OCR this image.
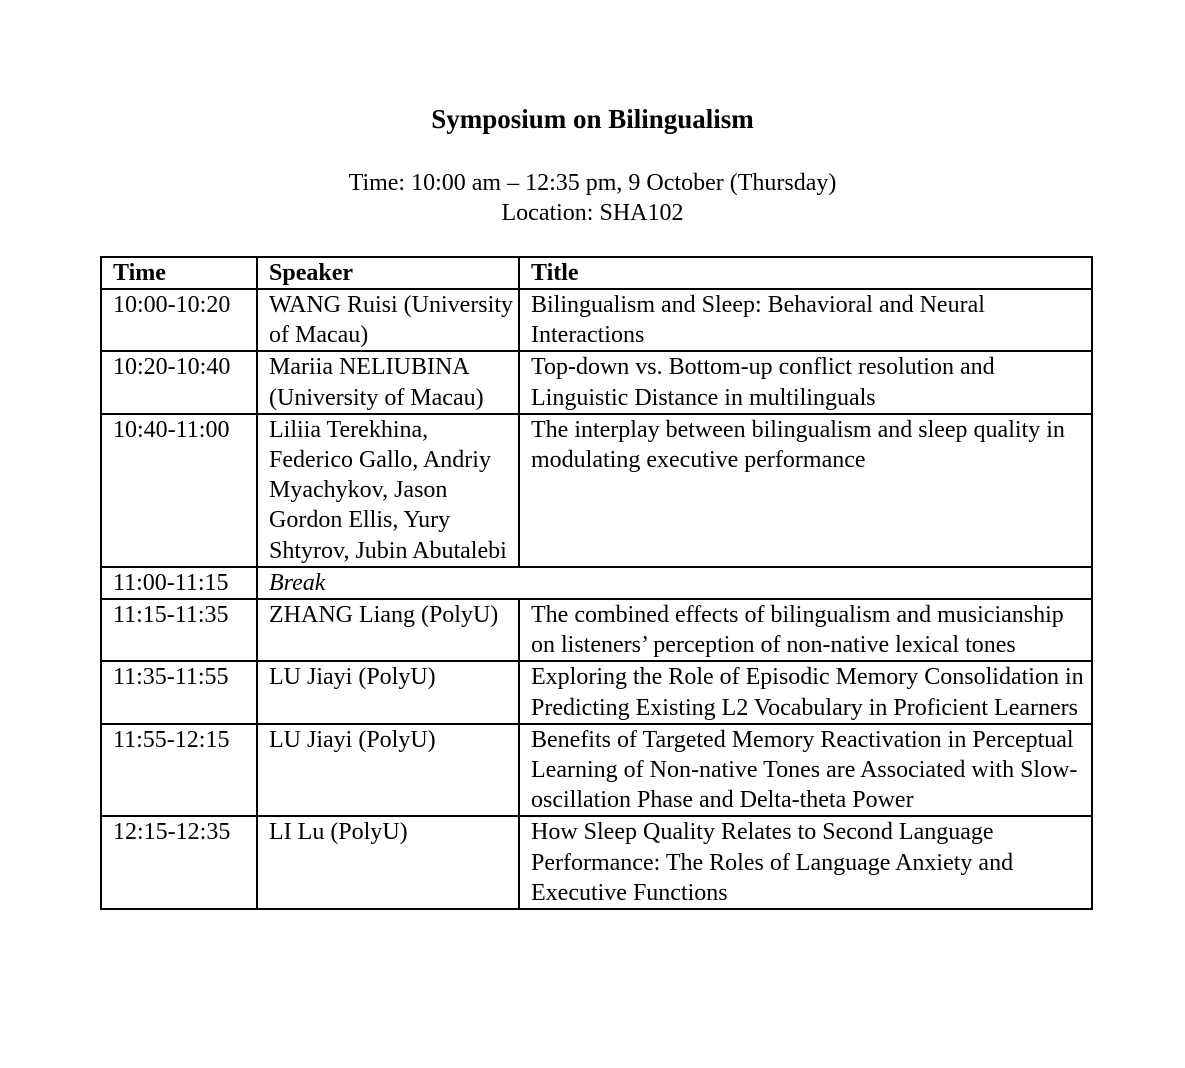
Symposium on Bilingualism
Time: 10:00 am – 12:35 pm, 9 October (Thursday)
Location: SHA102
Time	Speaker	Title
10:00-10:20	WANG Ruisi (University of Macau)	Bilingualism and Sleep: Behavioral and Neural Interactions
10:20-10:40	Mariia NELIUBINA (University of Macau)	Top-down vs. Bottom-up conflict resolution and Linguistic Distance in multilinguals
10:40-11:00	Liliia Terekhina, Federico Gallo, Andriy Myachykov, Jason Gordon Ellis, Yury Shtyrov, Jubin Abutalebi	The interplay between bilingualism and sleep quality in modulating executive performance
11:00-11:15	Break	
11:15-11:35	ZHANG Liang (PolyU)	The combined effects of bilingualism and musicianship on listeners’ perception of non-native lexical tones
11:35-11:55	LU Jiayi (PolyU)	Exploring the Role of Episodic Memory Consolidation in Predicting Existing L2 Vocabulary in Proficient Learners
11:55-12:15	LU Jiayi (PolyU)	Benefits of Targeted Memory Reactivation in Perceptual Learning of Non-native Tones are Associated with Slow-oscillation Phase and Delta-theta Power
12:15-12:35	LI Lu (PolyU)	How Sleep Quality Relates to Second Language Performance: The Roles of Language Anxiety and Executive Functions
